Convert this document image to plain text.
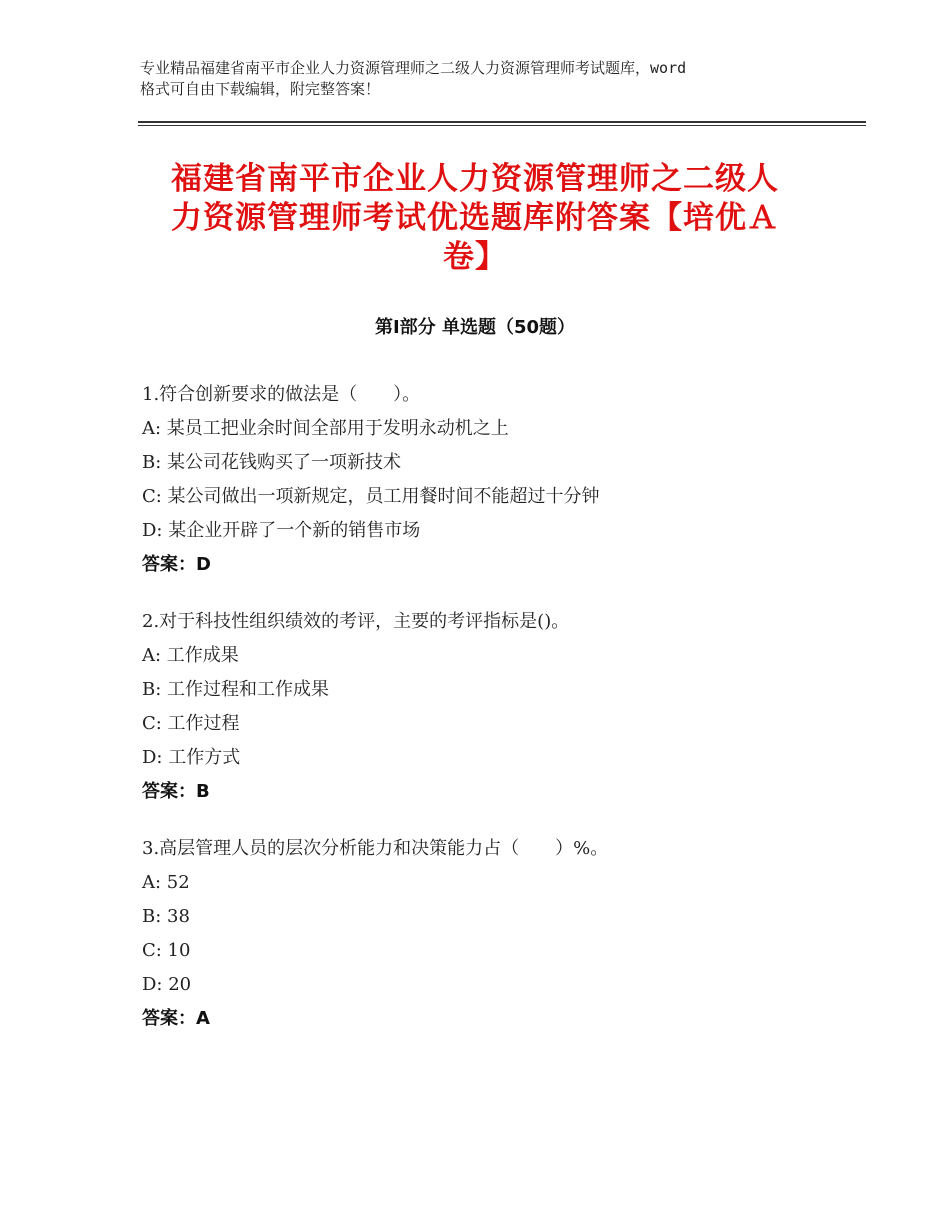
专业精品福建省南平市企业人力资源管理师之二级人力资源管理师考试题库，word
格式可自由下载编辑，附完整答案！
福建省南平市企业人力资源管理师之二级人
力资源管理师考试优选题库附答案【培优Ａ
卷】
第Ⅰ部分 单选题（50题）
1.符合创新要求的做法是（　　）。
A: 某员工把业余时间全部用于发明永动机之上
B: 某公司花钱购买了一项新技术
C: 某公司做出一项新规定，员工用餐时间不能超过十分钟
D: 某企业开辟了一个新的销售市场
答案：D
2.对于科技性组织绩效的考评，主要的考评指标是()。
A: 工作成果
B: 工作过程和工作成果
C: 工作过程
D: 工作方式
答案：B
3.高层管理人员的层次分析能力和决策能力占（　　）%。
A: 52
B: 38
C: 10
D: 20
答案：A
